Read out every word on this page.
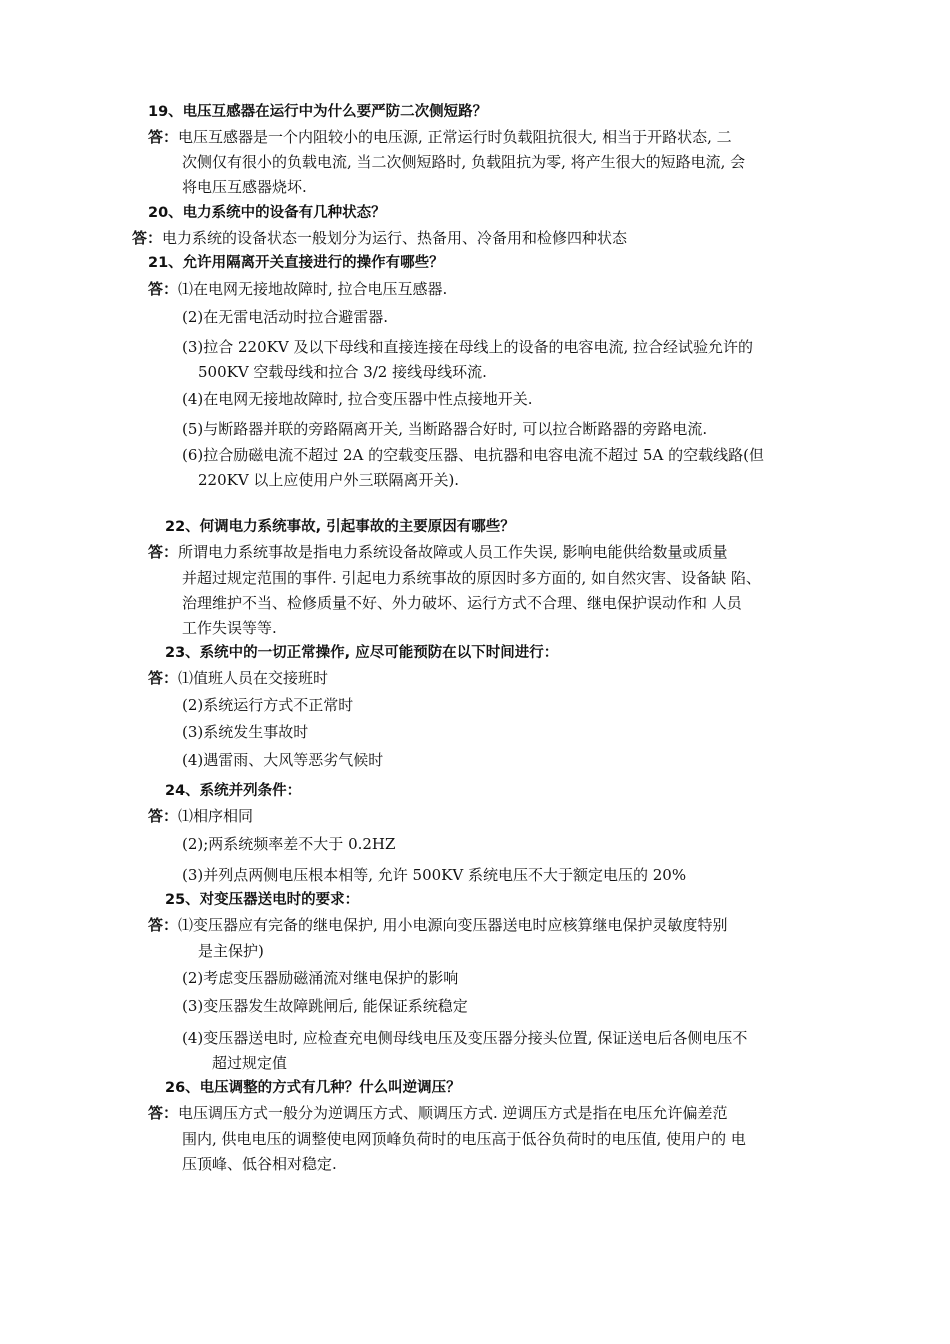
19、电压互感器在运行中为什么要严防二次侧短路？
答：电压互感器是一个内阻较小的电压源, 正常运行时负载阻抗很大, 相当于开路状态, 二
次侧仅有很小的负载电流, 当二次侧短路时, 负载阻抗为零, 将产生很大的短路电流, 会
将电压互感器烧坏.
20、电力系统中的设备有几种状态？
答：电力系统的设备状态一般划分为运行、热备用、冷备用和检修四种状态
21、允许用隔离开关直接进行的操作有哪些？
答：⑴在电网无接地故障时, 拉合电压互感器.
(2)在无雷电活动时拉合避雷器.
(3)拉合 220KV 及以下母线和直接连接在母线上的设备的电容电流, 拉合经试验允许的
500KV 空载母线和拉合 3/2 接线母线环流.
(4)在电网无接地故障时, 拉合变压器中性点接地开关.
(5)与断路器并联的旁路隔离开关, 当断路器合好时, 可以拉合断路器的旁路电流.
(6)拉合励磁电流不超过 2A 的空载变压器、电抗器和电容电流不超过 5A 的空载线路(但
220KV 以上应使用户外三联隔离开关).
22、何调电力系统事故, 引起事故的主要原因有哪些？
答：所谓电力系统事故是指电力系统设备故障或人员工作失误, 影响电能供给数量或质量
并超过规定范围的事件. 引起电力系统事故的原因时多方面的, 如自然灾害、设备缺 陷、
治理维护不当、检修质量不好、外力破坏、运行方式不合理、继电保护误动作和 人员
工作失误等等.
23、系统中的一切正常操作, 应尽可能预防在以下时间进行：
答：⑴值班人员在交接班时
(2)系统运行方式不正常时
(3)系统发生事故时
(4)遇雷雨、大风等恶劣气候时
24、系统并列条件：
答：⑴相序相同
(2);两系统频率差不大于 0.2HZ
(3)并列点两侧电压根本相等, 允许 500KV 系统电压不大于额定电压的 20%
25、对变压器送电时的要求：
答：⑴变压器应有完备的继电保护, 用小电源向变压器送电时应核算继电保护灵敏度特别
是主保护)
(2)考虑变压器励磁涌流对继电保护的影响
(3)变压器发生故障跳闸后, 能保证系统稳定
(4)变压器送电时, 应检查充电侧母线电压及变压器分接头位置, 保证送电后各侧电压不
超过规定值
26、电压调整的方式有几种？什么叫逆调压？
答：电压调压方式一般分为逆调压方式、顺调压方式. 逆调压方式是指在电压允许偏差范
围内, 供电电压的调整使电网顶峰负荷时的电压高于低谷负荷时的电压值, 使用户的 电
压顶峰、低谷相对稳定.
